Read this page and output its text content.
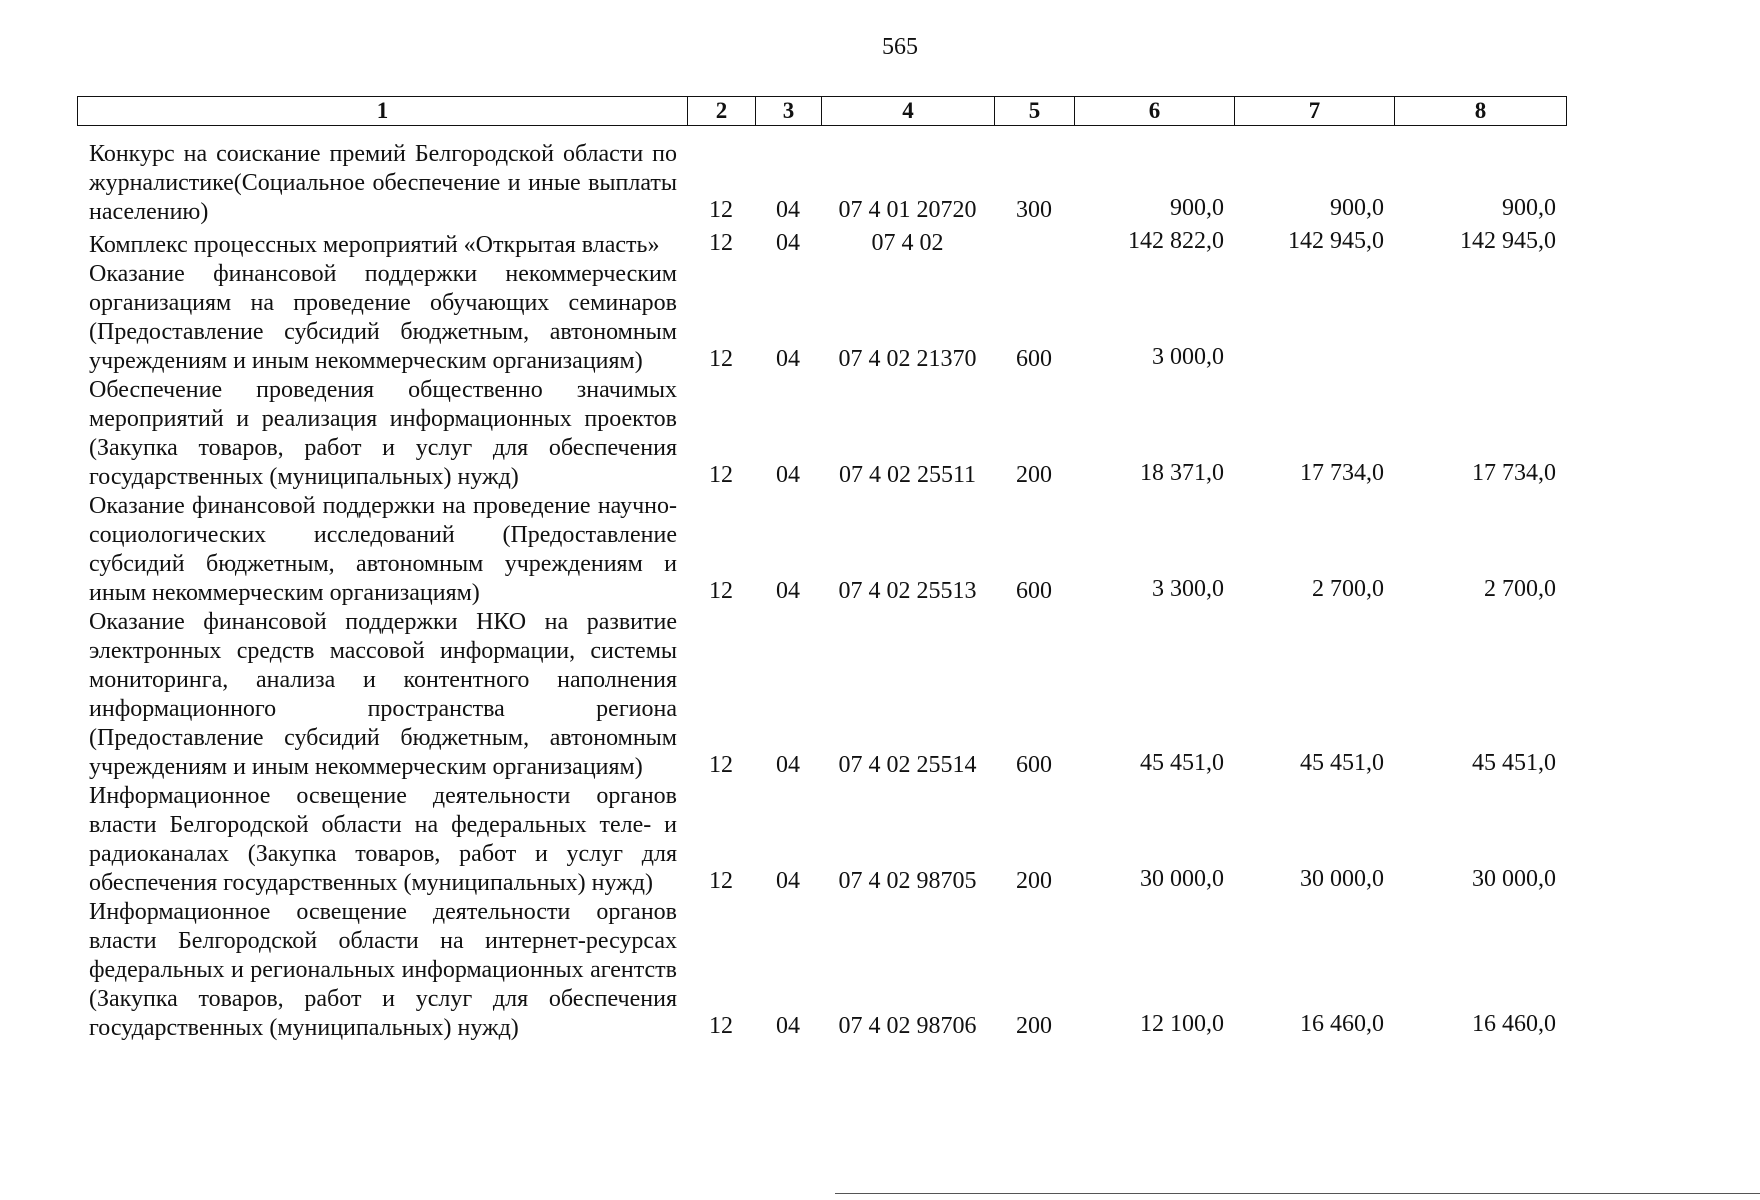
565
1	2	3	4	5	6	7	8
Конкурс на соискание премий Белгородской области по журналистике(Социальное обеспечение и иные выплаты населению)	12	04	07 4 01 20720	300	900,0	900,0	900,0
Комплекс процессных мероприятий «Открытая власть»	12	04	07 4 02		142 822,0	142 945,0	142 945,0
Оказание финансовой поддержки некоммерческим организациям на проведение обучающих семинаров (Предоставление субсидий бюджетным, автономным учреждениям и иным некоммерческим организациям)	12	04	07 4 02 21370	600	3 000,0		
Обеспечение проведения общественно значимых мероприятий и реализация информационных проектов (Закупка товаров, работ и услуг для обеспечения государственных (муниципальных) нужд)	12	04	07 4 02 25511	200	18 371,0	17 734,0	17 734,0
Оказание финансовой поддержки на проведение научно-социологических исследований (Предоставление субсидий бюджетным, автономным учреждениям и иным некоммерческим организациям)	12	04	07 4 02 25513	600	3 300,0	2 700,0	2 700,0
Оказание финансовой поддержки НКО на развитие электронных средств массовой информации, системы мониторинга, анализа и контентного наполнения информационного пространства региона (Предоставление субсидий бюджетным, автономным учреждениям и иным некоммерческим организациям)	12	04	07 4 02 25514	600	45 451,0	45 451,0	45 451,0
Информационное освещение деятельности органов власти Белгородской области на федеральных теле- и радиоканалах (Закупка товаров, работ и услуг для обеспечения государственных (муниципальных) нужд)	12	04	07 4 02 98705	200	30 000,0	30 000,0	30 000,0
Информационное освещение деятельности органов власти Белгородской области на интернет-ресурсах федеральных и региональных информационных агентств (Закупка товаров, работ и услуг для обеспечения государственных (муниципальных) нужд)	12	04	07 4 02 98706	200	12 100,0	16 460,0	16 460,0
